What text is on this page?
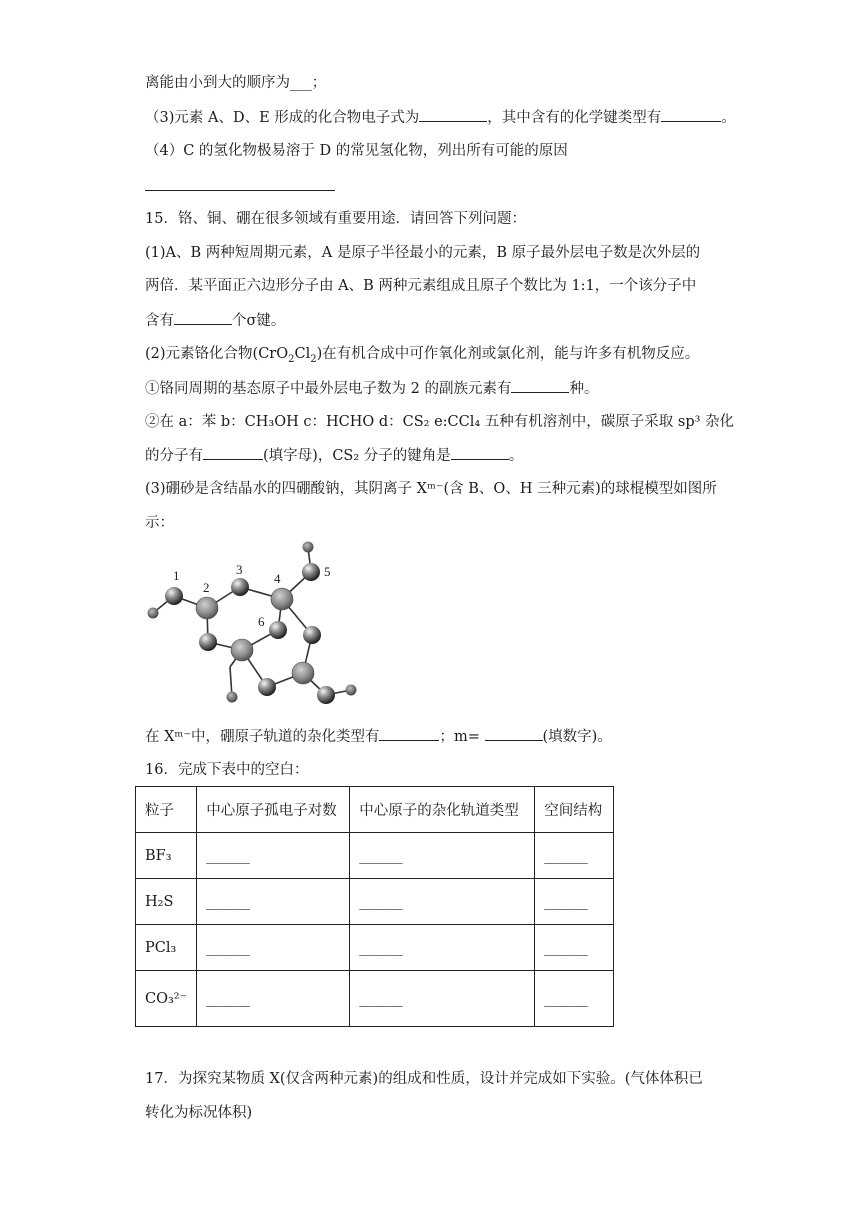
离能由小到大的顺序为___；
（3)元素 A、D、E 形成的化合物电子式为	，其中含有的化学键类型有	。
（4）C 的氢化物极易溶于 D 的常见氢化物，列出所有可能的原因
15．铬、铜、硼在很多领域有重要用途．请回答下列问题：
(1)A、B 两种短周期元素，A 是原子半径最小的元素，B 原子最外层电子数是次外层的
两倍．某平面正六边形分子由 A、B 两种元素组成且原子个数比为 1:1，一个该分子中
含有	个σ键。
(2)元素铬化合物$(CrO_2Cl_2)$在有机合成中可作氧化剂或氯化剂，能与许多有机物反应。
①铬同周期的基态原子中最外层电子数为 2 的副族元素有	种。
②在 a：苯 b：CH₃OH c：HCHO d：CS₂ e:CCl₄ 五种有机溶剂中，碳原子采取 sp³ 杂化
的分子有	(填字母)，CS₂ 分子的键角是	。
(3)硼砂是含结晶水的四硼酸钠，其阴离子 Xᵐ⁻(含 B、O、H 三种元素)的球棍模型如图所
示：
1
2
3
4	5
6
在 Xᵐ⁻中，硼原子轨道的杂化类型有	；m=	(填数字)。
16．完成下表中的空白：
粒子	中心原子孤电子对数	中心原子的杂化轨道类型	空间结构
BF₃	______	______	______
H₂S	______	______	______
PCl₃	______	______	______
CO₃²⁻	______	______	______
17．为探究某物质 X(仅含两种元素)的组成和性质，设计并完成如下实验。(气体体积已
转化为标况体积)
